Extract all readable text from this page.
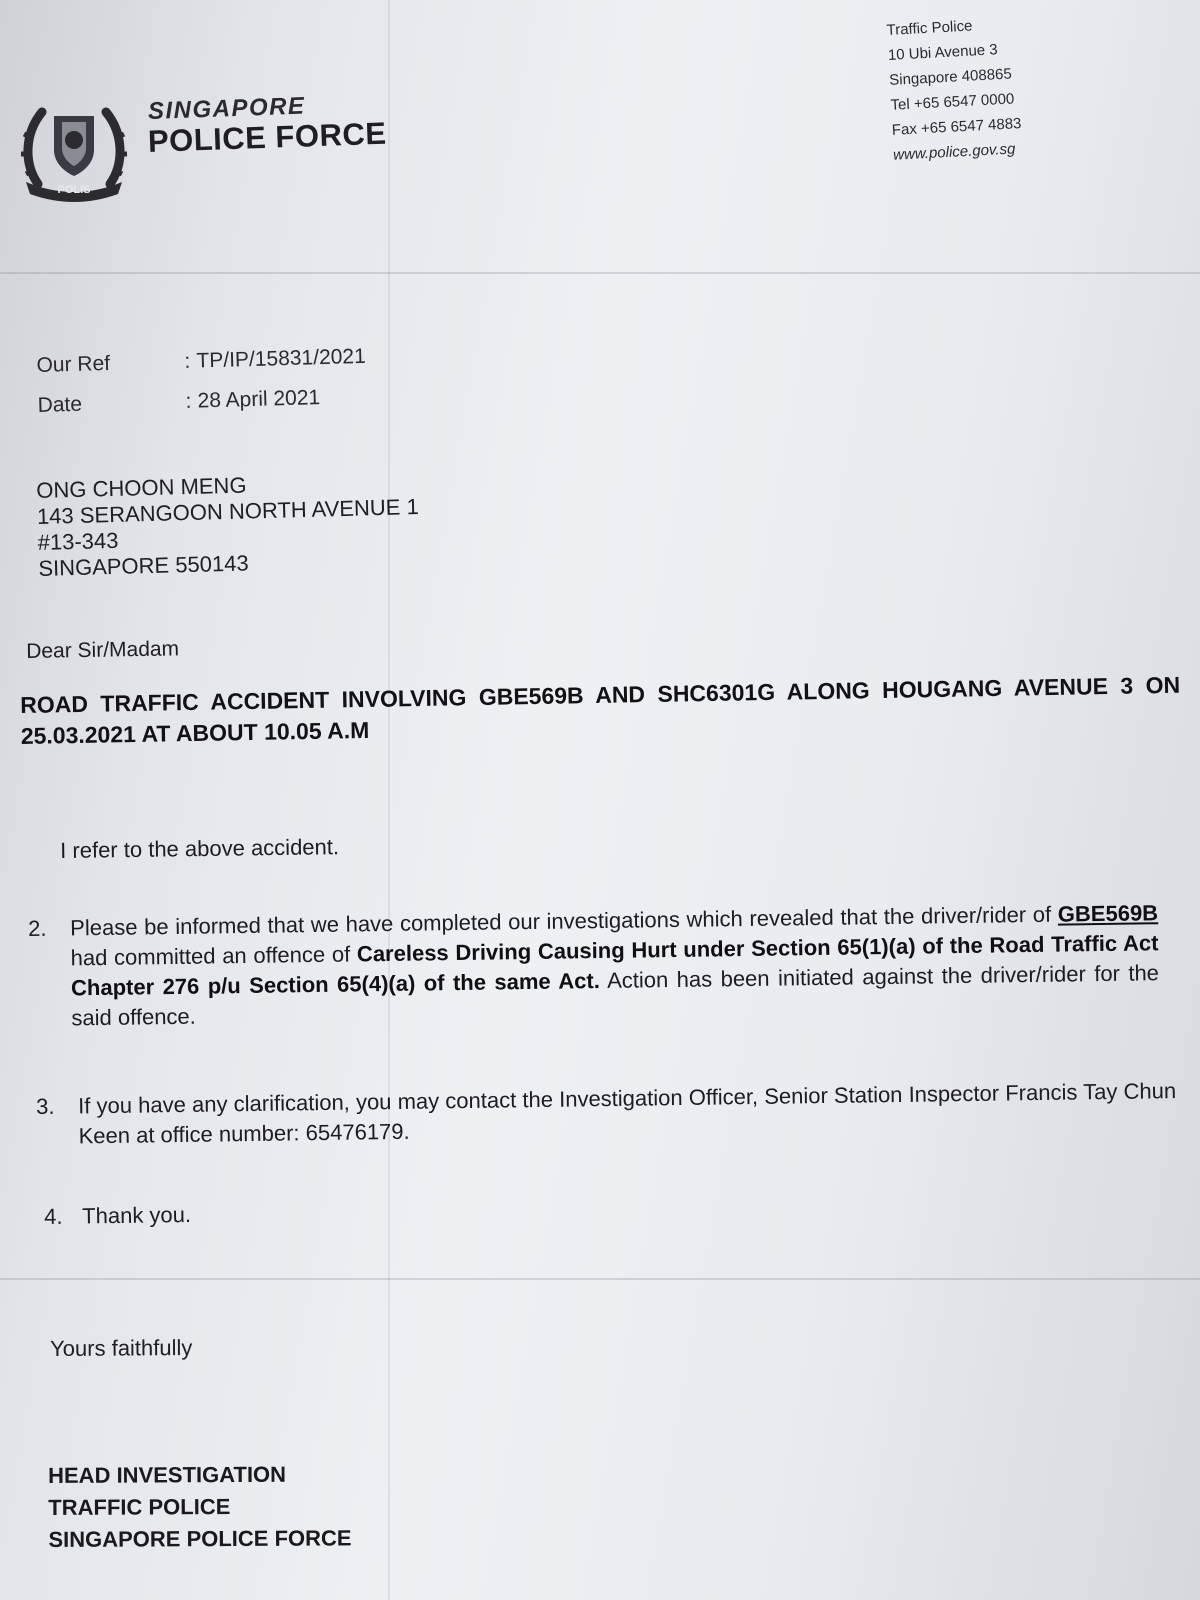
POLIS
SINGAPORE
POLICE FORCE
Traffic Police
10 Ubi Avenue 3
Singapore 408865
Tel +65 6547 0000
Fax +65 6547 4883
www.police.gov.sg
Our Ref	: TP/IP/15831/2021
Date	: 28 April 2021
ONG CHOON MENG
143 SERANGOON NORTH AVENUE 1
#13-343
SINGAPORE 550143
Dear Sir/Madam
ROAD TRAFFIC ACCIDENT INVOLVING GBE569B AND SHC6301G ALONG HOUGANG AVENUE 3 ON 25.03.2021 AT ABOUT 10.05 A.M
I refer to the above accident.
2.	Please be informed that we have completed our investigations which revealed that the driver/rider of GBE569B had committed an offence of Careless Driving Causing Hurt under Section 65(1)(a) of the Road Traffic Act Chapter 276 p/u Section 65(4)(a) of the same Act. Action has been initiated against the driver/rider for the said offence.
3.	If you have any clarification, you may contact the Investigation Officer, Senior Station Inspector Francis Tay Chun Keen at office number: 65476179.
4. Thank you.
Yours faithfully
HEAD INVESTIGATION
TRAFFIC POLICE
SINGAPORE POLICE FORCE
